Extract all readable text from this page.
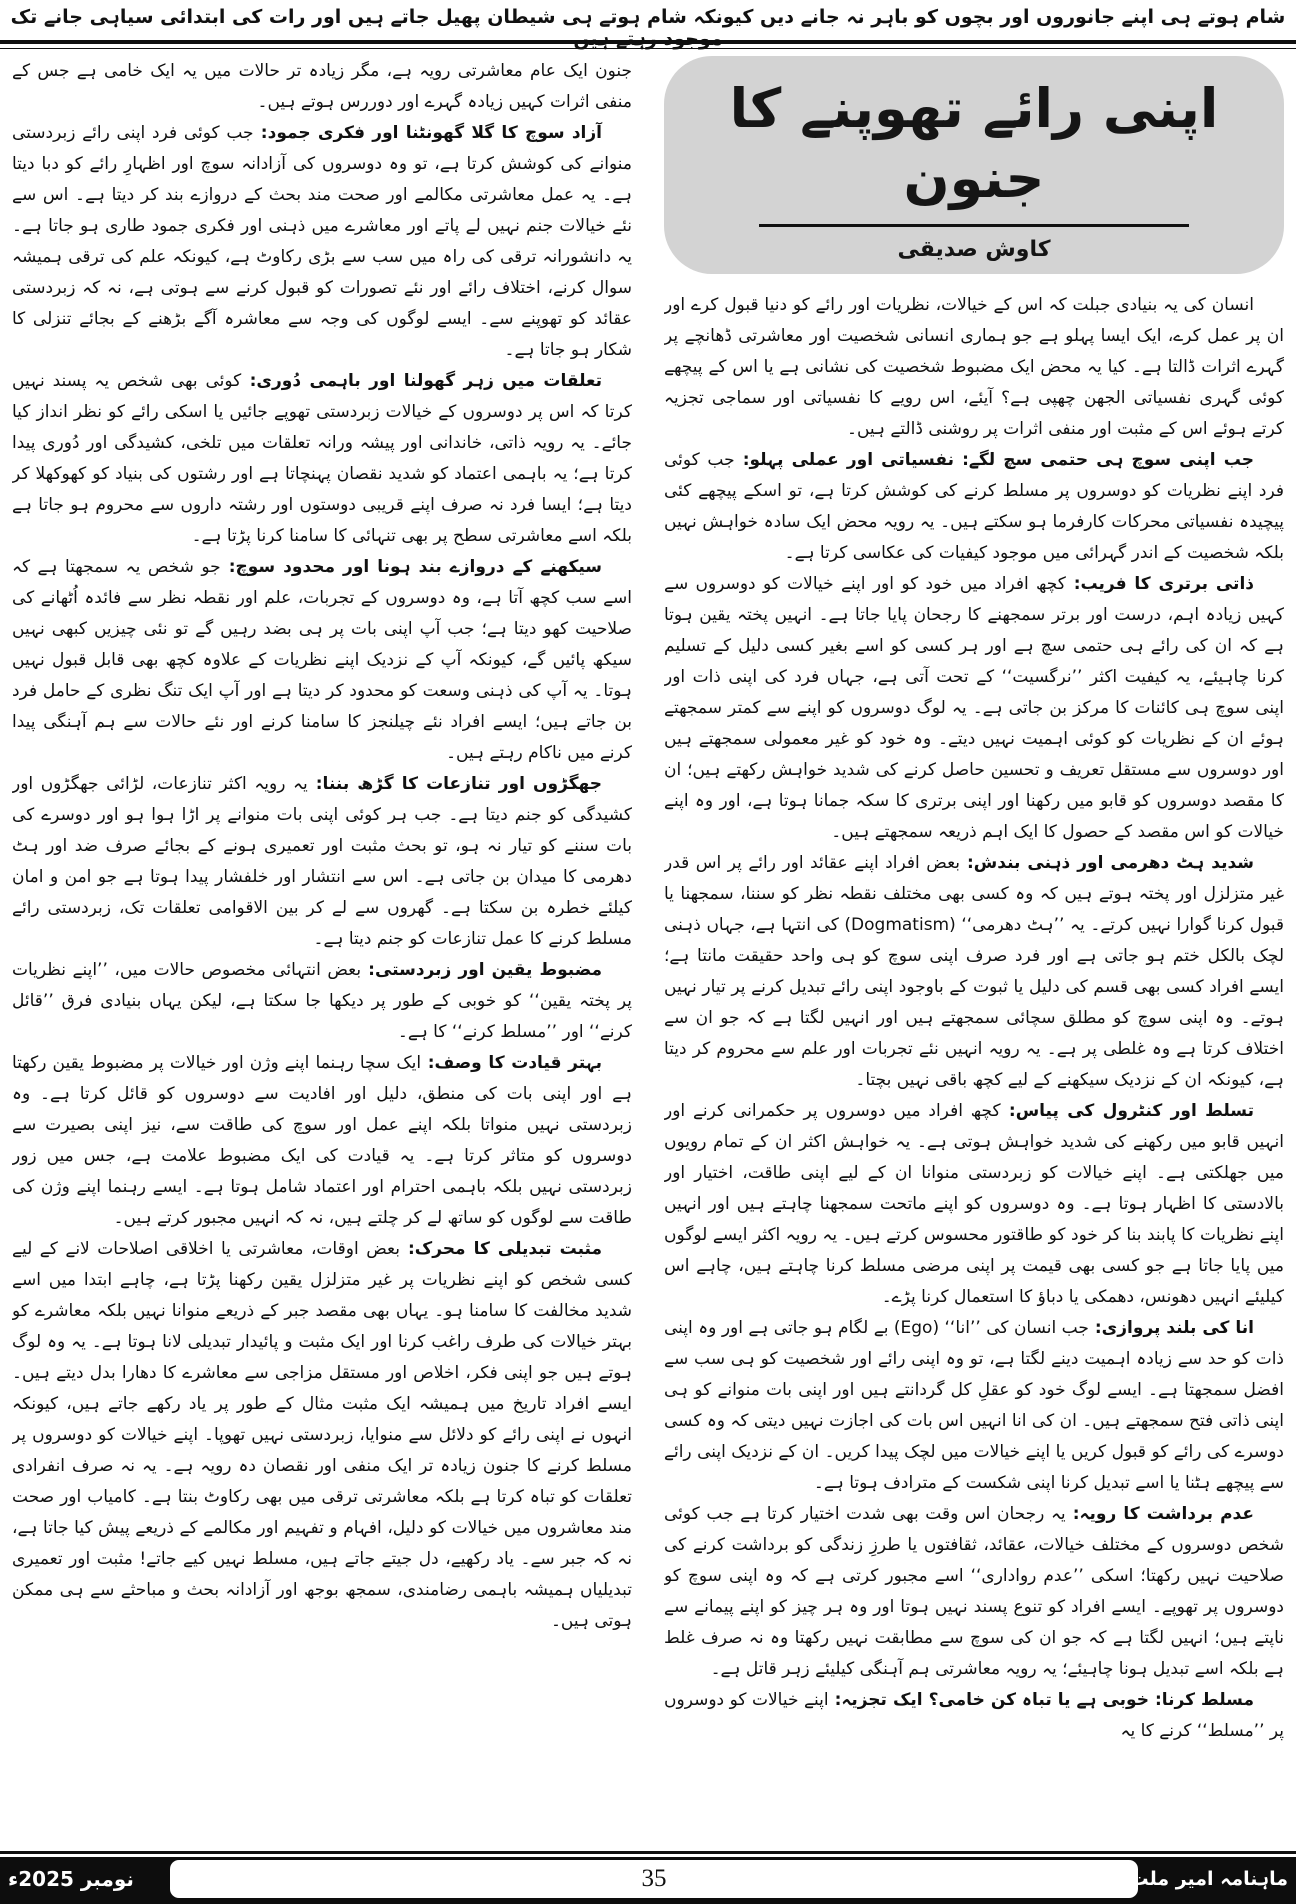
شام ہوتے ہی اپنے جانوروں اور بچوں کو باہر نہ جانے دیں کیونکہ شام ہوتے ہی شیطان پھیل جاتے ہیں اور رات کی ابتدائی سیاہی جانے تک موجود رہتے ہیں
اپنی رائے تھوپنے کا جنون
کاوش صدیقی

انسان کی یہ بنیادی جبلت کہ اس کے خیالات، نظریات اور رائے کو دنیا قبول کرے اور ان پر عمل کرے، ایک ایسا پہلو ہے جو ہماری انسانی شخصیت اور معاشرتی ڈھانچے پر گہرے اثرات ڈالتا ہے۔ کیا یہ محض ایک مضبوط شخصیت کی نشانی ہے یا اس کے پیچھے کوئی گہری نفسیاتی الجھن چھپی ہے؟ آیئے، اس رویے کا نفسیاتی اور سماجی تجزیہ کرتے ہوئے اس کے مثبت اور منفی اثرات پر روشنی ڈالتے ہیں۔

جب اپنی سوچ ہی حتمی سچ لگے: نفسیاتی اور عملی پہلو: جب کوئی فرد اپنے نظریات کو دوسروں پر مسلط کرنے کی کوشش کرتا ہے، تو اسکے پیچھے کئی پیچیدہ نفسیاتی محرکات کارفرما ہو سکتے ہیں۔ یہ رویہ محض ایک سادہ خواہش نہیں بلکہ شخصیت کے اندر گہرائی میں موجود کیفیات کی عکاسی کرتا ہے۔

ذاتی برتری کا فریب: کچھ افراد میں خود کو اور اپنے خیالات کو دوسروں سے کہیں زیادہ اہم، درست اور برتر سمجھنے کا رجحان پایا جاتا ہے۔ انہیں پختہ یقین ہوتا ہے کہ ان کی رائے ہی حتمی سچ ہے اور ہر کسی کو اسے بغیر کسی دلیل کے تسلیم کرنا چاہیئے، یہ کیفیت اکثر ’’نرگسیت‘‘ کے تحت آتی ہے، جہاں فرد کی اپنی ذات اور اپنی سوچ ہی کائنات کا مرکز بن جاتی ہے۔ یہ لوگ دوسروں کو اپنے سے کمتر سمجھتے ہوئے ان کے نظریات کو کوئی اہمیت نہیں دیتے۔ وہ خود کو غیر معمولی سمجھتے ہیں اور دوسروں سے مستقل تعریف و تحسین حاصل کرنے کی شدید خواہش رکھتے ہیں؛ ان کا مقصد دوسروں کو قابو میں رکھنا اور اپنی برتری کا سکہ جمانا ہوتا ہے، اور وہ اپنے خیالات کو اس مقصد کے حصول کا ایک اہم ذریعہ سمجھتے ہیں۔

شدید ہٹ دھرمی اور ذہنی بندش: بعض افراد اپنے عقائد اور رائے پر اس قدر غیر متزلزل اور پختہ ہوتے ہیں کہ وہ کسی بھی مختلف نقطہ نظر کو سننا، سمجھنا یا قبول کرنا گوارا نہیں کرتے۔ یہ ’’ہٹ دھرمی‘‘ (Dogmatism) کی انتہا ہے، جہاں ذہنی لچک بالکل ختم ہو جاتی ہے اور فرد صرف اپنی سوچ کو ہی واحد حقیقت مانتا ہے؛ ایسے افراد کسی بھی قسم کی دلیل یا ثبوت کے باوجود اپنی رائے تبدیل کرنے پر تیار نہیں ہوتے۔ وہ اپنی سوچ کو مطلق سچائی سمجھتے ہیں اور انہیں لگتا ہے کہ جو ان سے اختلاف کرتا ہے وہ غلطی پر ہے۔ یہ رویہ انہیں نئے تجربات اور علم سے محروم کر دیتا ہے، کیونکہ ان کے نزدیک سیکھنے کے لیے کچھ باقی نہیں بچتا۔

تسلط اور کنٹرول کی پیاس: کچھ افراد میں دوسروں پر حکمرانی کرنے اور انہیں قابو میں رکھنے کی شدید خواہش ہوتی ہے۔ یہ خواہش اکثر ان کے تمام رویوں میں جھلکتی ہے۔ اپنے خیالات کو زبردستی منوانا ان کے لیے اپنی طاقت، اختیار اور بالادستی کا اظہار ہوتا ہے۔ وہ دوسروں کو اپنے ماتحت سمجھنا چاہتے ہیں اور انہیں اپنے نظریات کا پابند بنا کر خود کو طاقتور محسوس کرتے ہیں۔ یہ رویہ اکثر ایسے لوگوں میں پایا جاتا ہے جو کسی بھی قیمت پر اپنی مرضی مسلط کرنا چاہتے ہیں، چاہے اس کیلیئے انہیں دھونس، دھمکی یا دباؤ کا استعمال کرنا پڑے۔

انا کی بلند پروازی: جب انسان کی ’’انا‘‘ (Ego) بے لگام ہو جاتی ہے اور وہ اپنی ذات کو حد سے زیادہ اہمیت دینے لگتا ہے، تو وہ اپنی رائے اور شخصیت کو ہی سب سے افضل سمجھتا ہے۔ ایسے لوگ خود کو عقلِ کل گردانتے ہیں اور اپنی بات منوانے کو ہی اپنی ذاتی فتح سمجھتے ہیں۔ ان کی انا انہیں اس بات کی اجازت نہیں دیتی کہ وہ کسی دوسرے کی رائے کو قبول کریں یا اپنے خیالات میں لچک پیدا کریں۔ ان کے نزدیک اپنی رائے سے پیچھے ہٹنا یا اسے تبدیل کرنا اپنی شکست کے مترادف ہوتا ہے۔

عدم برداشت کا رویہ: یہ رجحان اس وقت بھی شدت اختیار کرتا ہے جب کوئی شخص دوسروں کے مختلف خیالات، عقائد، ثقافتوں یا طرزِ زندگی کو برداشت کرنے کی صلاحیت نہیں رکھتا؛ اسکی ’’عدم رواداری‘‘ اسے مجبور کرتی ہے کہ وہ اپنی سوچ کو دوسروں پر تھوپے۔ ایسے افراد کو تنوع پسند نہیں ہوتا اور وہ ہر چیز کو اپنے پیمانے سے ناپتے ہیں؛ انہیں لگتا ہے کہ جو ان کی سوچ سے مطابقت نہیں رکھتا وہ نہ صرف غلط ہے بلکہ اسے تبدیل ہونا چاہیئے؛ یہ رویہ معاشرتی ہم آہنگی کیلیئے زہر قاتل ہے۔

مسلط کرنا: خوبی ہے یا تباہ کن خامی؟ ایک تجزیہ: اپنے خیالات کو دوسروں پر ’’مسلط‘‘ کرنے کا یہ

جنون ایک عام معاشرتی رویہ ہے، مگر زیادہ تر حالات میں یہ ایک خامی ہے جس کے منفی اثرات کہیں زیادہ گہرے اور دوررس ہوتے ہیں۔

آزاد سوچ کا گلا گھونٹنا اور فکری جمود: جب کوئی فرد اپنی رائے زبردستی منوانے کی کوشش کرتا ہے، تو وہ دوسروں کی آزادانہ سوچ اور اظہارِ رائے کو دبا دیتا ہے۔ یہ عمل معاشرتی مکالمے اور صحت مند بحث کے دروازے بند کر دیتا ہے۔ اس سے نئے خیالات جنم نہیں لے پاتے اور معاشرے میں ذہنی اور فکری جمود طاری ہو جاتا ہے۔ یہ دانشورانہ ترقی کی راہ میں سب سے بڑی رکاوٹ ہے، کیونکہ علم کی ترقی ہمیشہ سوال کرنے، اختلاف رائے اور نئے تصورات کو قبول کرنے سے ہوتی ہے، نہ کہ زبردستی عقائد کو تھوپنے سے۔ ایسے لوگوں کی وجہ سے معاشرہ آگے بڑھنے کے بجائے تنزلی کا شکار ہو جاتا ہے۔

تعلقات میں زہر گھولنا اور باہمی دُوری: کوئی بھی شخص یہ پسند نہیں کرتا کہ اس پر دوسروں کے خیالات زبردستی تھوپے جائیں یا اسکی رائے کو نظر انداز کیا جائے۔ یہ رویہ ذاتی، خاندانی اور پیشہ ورانہ تعلقات میں تلخی، کشیدگی اور دُوری پیدا کرتا ہے؛ یہ باہمی اعتماد کو شدید نقصان پہنچاتا ہے اور رشتوں کی بنیاد کو کھوکھلا کر دیتا ہے؛ ایسا فرد نہ صرف اپنے قریبی دوستوں اور رشتہ داروں سے محروم ہو جاتا ہے بلکہ اسے معاشرتی سطح پر بھی تنہائی کا سامنا کرنا پڑتا ہے۔

سیکھنے کے دروازے بند ہونا اور محدود سوچ: جو شخص یہ سمجھتا ہے کہ اسے سب کچھ آتا ہے، وہ دوسروں کے تجربات، علم اور نقطہ نظر سے فائدہ اُٹھانے کی صلاحیت کھو دیتا ہے؛ جب آپ اپنی بات پر ہی بضد رہیں گے تو نئی چیزیں کبھی نہیں سیکھ پائیں گے، کیونکہ آپ کے نزدیک اپنے نظریات کے علاوہ کچھ بھی قابل قبول نہیں ہوتا۔ یہ آپ کی ذہنی وسعت کو محدود کر دیتا ہے اور آپ ایک تنگ نظری کے حامل فرد بن جاتے ہیں؛ ایسے افراد نئے چیلنجز کا سامنا کرنے اور نئے حالات سے ہم آہنگی پیدا کرنے میں ناکام رہتے ہیں۔

جھگڑوں اور تنازعات کا گڑھ بننا: یہ رویہ اکثر تنازعات، لڑائی جھگڑوں اور کشیدگی کو جنم دیتا ہے۔ جب ہر کوئی اپنی بات منوانے پر اڑا ہوا ہو اور دوسرے کی بات سننے کو تیار نہ ہو، تو بحث مثبت اور تعمیری ہونے کے بجائے صرف ضد اور ہٹ دھرمی کا میدان بن جاتی ہے۔ اس سے انتشار اور خلفشار پیدا ہوتا ہے جو امن و امان کیلئے خطرہ بن سکتا ہے۔ گھروں سے لے کر بین الاقوامی تعلقات تک، زبردستی رائے مسلط کرنے کا عمل تنازعات کو جنم دیتا ہے۔

مضبوط یقین اور زبردستی: بعض انتہائی مخصوص حالات میں، ’’اپنے نظریات پر پختہ یقین‘‘ کو خوبی کے طور پر دیکھا جا سکتا ہے، لیکن یہاں بنیادی فرق ’’قائل کرنے‘‘ اور ’’مسلط کرنے‘‘ کا ہے۔

بہتر قیادت کا وصف: ایک سچا رہنما اپنے وژن اور خیالات پر مضبوط یقین رکھتا ہے اور اپنی بات کی منطق، دلیل اور افادیت سے دوسروں کو قائل کرتا ہے۔ وہ زبردستی نہیں منواتا بلکہ اپنے عمل اور سوچ کی طاقت سے، نیز اپنی بصیرت سے دوسروں کو متاثر کرتا ہے۔ یہ قیادت کی ایک مضبوط علامت ہے، جس میں زور زبردستی نہیں بلکہ باہمی احترام اور اعتماد شامل ہوتا ہے۔ ایسے رہنما اپنے وژن کی طاقت سے لوگوں کو ساتھ لے کر چلتے ہیں، نہ کہ انہیں مجبور کرتے ہیں۔

مثبت تبدیلی کا محرک: بعض اوقات، معاشرتی یا اخلاقی اصلاحات لانے کے لیے کسی شخص کو اپنے نظریات پر غیر متزلزل یقین رکھنا پڑتا ہے، چاہے ابتدا میں اسے شدید مخالفت کا سامنا ہو۔ یہاں بھی مقصد جبر کے ذریعے منوانا نہیں بلکہ معاشرے کو بہتر خیالات کی طرف راغب کرنا اور ایک مثبت و پائیدار تبدیلی لانا ہوتا ہے۔ یہ وہ لوگ ہوتے ہیں جو اپنی فکر، اخلاص اور مستقل مزاجی سے معاشرے کا دھارا بدل دیتے ہیں۔ ایسے افراد تاریخ میں ہمیشہ ایک مثبت مثال کے طور پر یاد رکھے جاتے ہیں، کیونکہ انہوں نے اپنی رائے کو دلائل سے منوایا، زبردستی نہیں تھوپا۔ اپنے خیالات کو دوسروں پر مسلط کرنے کا جنون زیادہ تر ایک منفی اور نقصان دہ رویہ ہے۔ یہ نہ صرف انفرادی تعلقات کو تباہ کرتا ہے بلکہ معاشرتی ترقی میں بھی رکاوٹ بنتا ہے۔ کامیاب اور صحت مند معاشروں میں خیالات کو دلیل، افہام و تفہیم اور مکالمے کے ذریعے پیش کیا جاتا ہے، نہ کہ جبر سے۔ یاد رکھیے، دل جیتے جاتے ہیں، مسلط نہیں کیے جاتے! مثبت اور تعمیری تبدیلیاں ہمیشہ باہمی رضامندی، سمجھ بوجھ اور آزادانہ بحث و مباحثے سے ہی ممکن ہوتی ہیں۔

نومبر 2025ء	35	ماہنامہ امیر ملت
